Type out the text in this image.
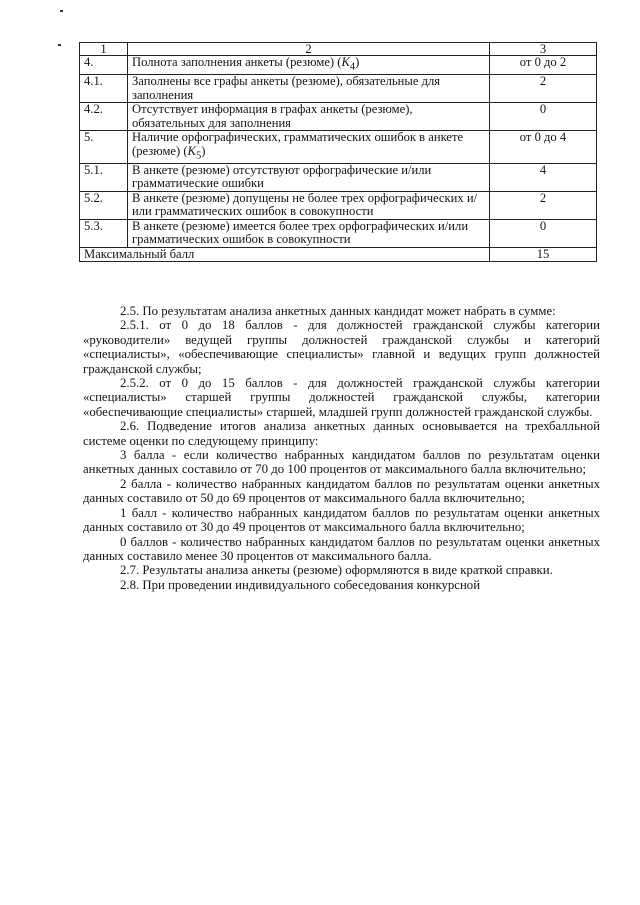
1	2	3
4.	Полнота заполнения анкеты (резюме) $(K_4)$	от 0 до 2
4.1.	Заполнены все графы анкеты (резюме), обязательные для заполнения	2
4.2.	Отсутствует информация в графах анкеты (резюме), обязательных для заполнения	0
5.	Наличие орфографических, грамматических ошибок в анкете (резюме) $(K_5)$	от 0 до 4
5.1.	В анкете (резюме) отсутствуют орфографические и/или грамматические ошибки	4
5.2.	В анкете (резюме) допущены не более трех орфографических и/или грамматических ошибок в совокупности	2
5.3.	В анкете (резюме) имеется более трех орфографических и/или грамматических ошибок в совокупности	0
Максимальный балл		15

2.5. По результатам анализа анкетных данных кандидат может набрать в сумме:

2.5.1. от 0 до 18 баллов - для должностей гражданской службы категории «руководители» ведущей группы должностей гражданской службы и категорий «специалисты», «обеспечивающие специалисты» главной и ведущих групп должностей гражданской службы;

2.5.2. от 0 до 15 баллов - для должностей гражданской службы категории «специалисты» старшей группы должностей гражданской службы, категории «обеспечивающие специалисты» старшей, младшей групп должностей гражданской службы.

2.6. Подведение итогов анализа анкетных данных основывается на трехбалльной системе оценки по следующему принципу:

3 балла - если количество набранных кандидатом баллов по результатам оценки анкетных данных составило от 70 до 100 процентов от максимального балла включительно;

2 балла - количество набранных кандидатом баллов по результатам оценки анкетных данных составило от 50 до 69 процентов от максимального балла включительно;

1 балл - количество набранных кандидатом баллов по результатам оценки анкетных данных составило от 30 до 49 процентов от максимального балла включительно;

0 баллов - количество набранных кандидатом баллов по результатам оценки анкетных данных составило менее 30 процентов от максимального балла.

2.7. Результаты анализа анкеты (резюме) оформляются в виде краткой справки.

2.8. При проведении индивидуального собеседования конкурсной
